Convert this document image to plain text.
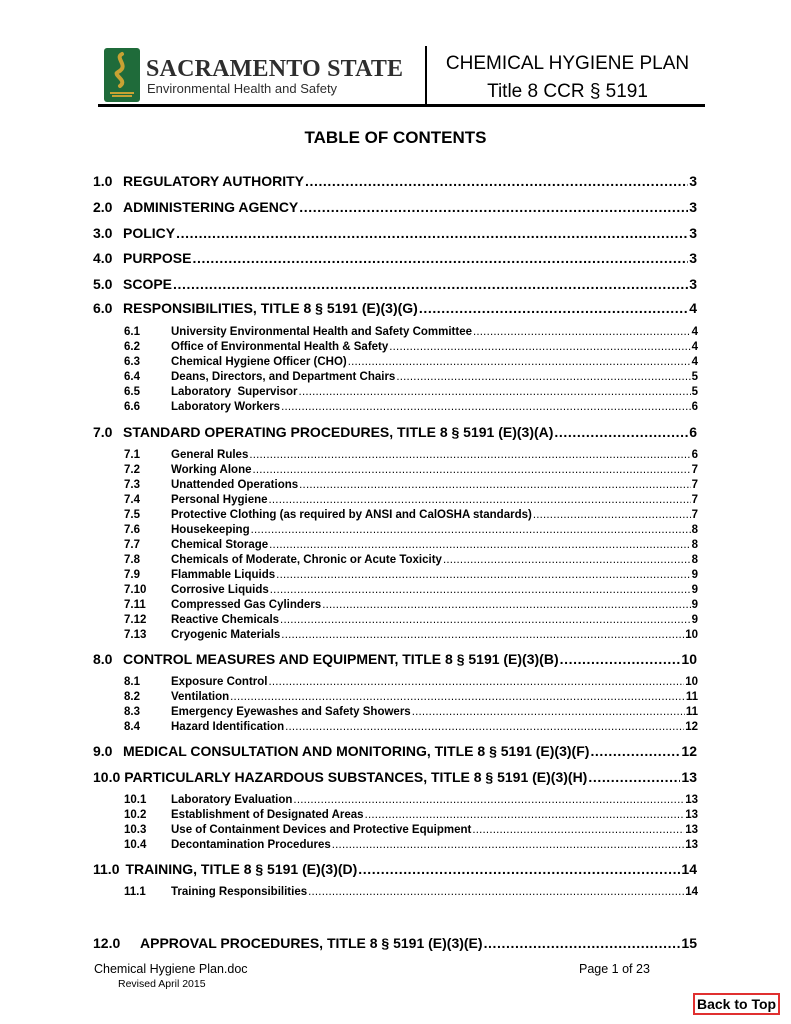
SACRAMENTO STATE
Environmental Health and Safety
CHEMICAL HYGIENE PLAN
Title 8 CCR § 5191
TABLE OF CONTENTS
1.0 REGULATORY AUTHORITY .....	3
2.0 ADMINISTERING AGENCY .....	3
3.0 POLICY .....	3
4.0 PURPOSE .....	3
5.0 SCOPE .....	3
6.0 RESPONSIBILITIES, TITLE 8 § 5191 (E)(3)(G) .....	4
6.1	University Environmental Health and Safety Committee .....	4
6.2	Office of Environmental Health & Safety .....	4
6.3	Chemical Hygiene Officer (CHO) .....	4
6.4	Deans, Directors, and Department Chairs .....	5
6.5	Laboratory  Supervisor .....	5
6.6	Laboratory Workers .....	6
7.0 STANDARD OPERATING PROCEDURES, TITLE 8 § 5191 (E)(3)(A) .....	6
7.1	General Rules .....	6
7.2	Working Alone .....	7
7.3	Unattended Operations .....	7
7.4	Personal Hygiene .....	7
7.5	Protective Clothing (as required by ANSI and CalOSHA standards) .....	7
7.6	Housekeeping .....	8
7.7	Chemical Storage .....	8
7.8	Chemicals of Moderate, Chronic or Acute Toxicity .....	8
7.9	Flammable Liquids .....	9
7.10	Corrosive Liquids .....	9
7.11	Compressed Gas Cylinders .....	9
7.12	Reactive Chemicals .....	9
7.13	Cryogenic Materials .....	10
8.0 CONTROL MEASURES AND EQUIPMENT, TITLE 8 § 5191 (E)(3)(B) .....	10
8.1	Exposure Control .....	10
8.2	Ventilation .....	11
8.3	Emergency Eyewashes and Safety Showers .....	11
8.4	Hazard Identification .....	12
9.0 MEDICAL CONSULTATION AND MONITORING, TITLE 8 § 5191 (E)(3)(F) .....	12
10.0 PARTICULARLY HAZARDOUS SUBSTANCES, TITLE 8 § 5191 (E)(3)(H) .....	13
10.1	Laboratory Evaluation .....	13
10.2	Establishment of Designated Areas .....	13
10.3	Use of Containment Devices and Protective Equipment .....	13
10.4	Decontamination Procedures .....	13
11.0 TRAINING, TITLE 8 § 5191 (E)(3)(D) .....	14
11.1	Training Responsibilities .....	14
12.0	APPROVAL PROCEDURES, TITLE 8 § 5191 (E)(3)(E) .....	15
Chemical Hygiene Plan.doc
Revised April 2015
Page 1 of 23
Back to Top
